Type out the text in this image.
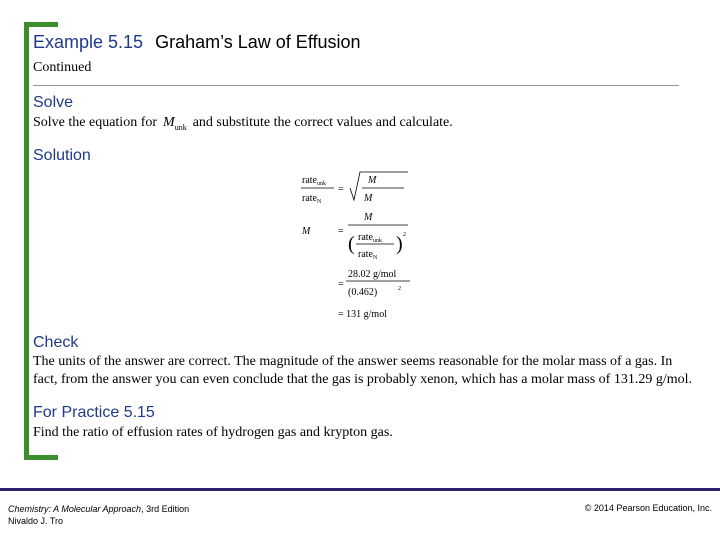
Example 5.15 Graham’s Law of Effusion
Continued
Solve
Solve the equation for $M_{unk}$ and substitute the correct values and calculate.
Solution
rate$_{unk}$
rate$_N$
=
M
M
M	=
M
( rate$_{unk}$
rate$_N$
) 2
=
28.02 g/mol
(0.462)	2
= 131 g/mol
Check
The units of the answer are correct. The magnitude of the answer seems reasonable for the molar mass of a gas. In fact, from the answer you can even conclude that the gas is probably xenon, which has a molar mass of 131.29 g/mol.
For Practice 5.15
Find the ratio of effusion rates of hydrogen gas and krypton gas.
Chemistry: A Molecular Approach, 3rd Edition
Nivaldo J. Tro
© 2014 Pearson Education, Inc.
